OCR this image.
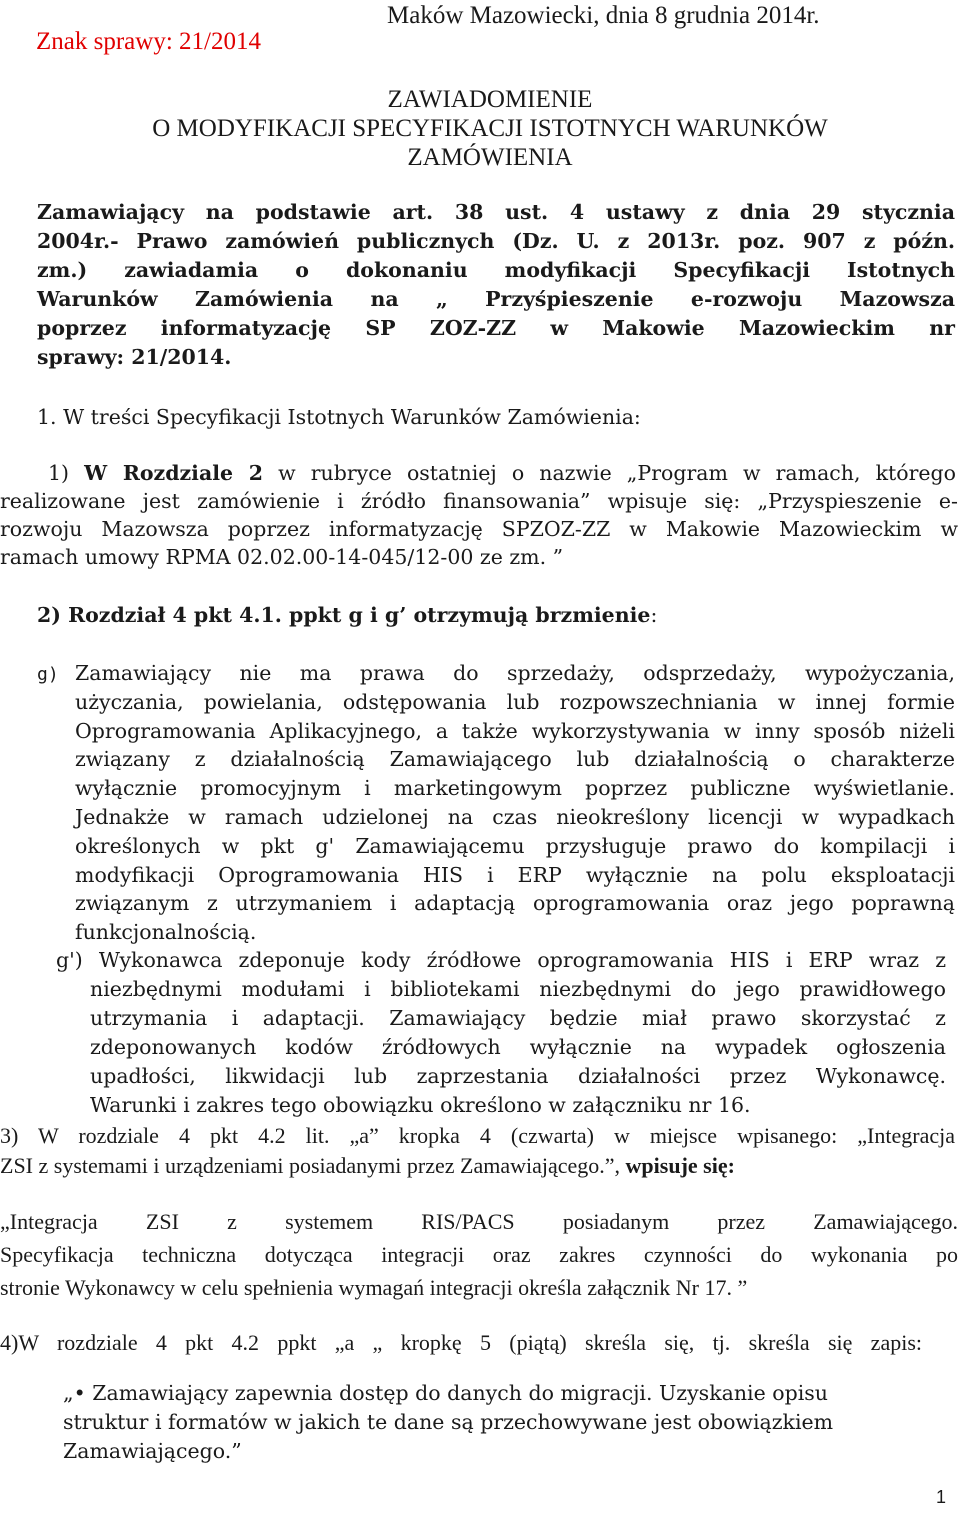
Znak sprawy: 21/2014
Maków Mazowiecki, dnia 8 grudnia 2014r.
ZAWIADOMIENIE
O MODYFIKACJI SPECYFIKACJI ISTOTNYCH WARUNKÓW
ZAMÓWIENIA
Zamawiający na podstawie art. 38 ust. 4 ustawy z dnia 29 stycznia
2004r.- Prawo zamówień publicznych (Dz. U. z 2013r. poz. 907 z późn.
zm.) zawiadamia o dokonaniu modyfikacji Specyfikacji Istotnych
Warunków Zamówienia na „ Przyśpieszenie e-rozwoju Mazowsza
poprzez informatyzację SP ZOZ-ZZ w Makowie Mazowieckim nr
sprawy: 21/2014.
1. W treści Specyfikacji Istotnych Warunków Zamówienia:
1) W Rozdziale 2 w rubryce ostatniej o nazwie „Program w ramach, którego
realizowane jest zamówienie i źródło finansowania” wpisuje się: „Przyspieszenie e-
rozwoju Mazowsza poprzez informatyzację SPZOZ-ZZ w Makowie Mazowieckim w
ramach umowy RPMA 02.02.00-14-045/12-00 ze zm. ”
2) Rozdział 4 pkt 4.1. ppkt g i g’ otrzymują brzmienie:
g) Zamawiający nie ma prawa do sprzedaży, odsprzedaży, wypożyczania,
użyczania, powielania, odstępowania lub rozpowszechniania w innej formie
Oprogramowania Aplikacyjnego, a także wykorzystywania w inny sposób niżeli
związany z działalnością Zamawiającego lub działalnością o charakterze
wyłącznie promocyjnym i marketingowym poprzez publiczne wyświetlanie.
Jednakże w ramach udzielonej na czas nieokreślony licencji w wypadkach
określonych w pkt g' Zamawiającemu przysługuje prawo do kompilacji i
modyfikacji Oprogramowania HIS i ERP wyłącznie na polu eksploatacji
związanym z utrzymaniem i adaptacją oprogramowania oraz jego poprawną
funkcjonalnością.
g') Wykonawca zdeponuje kody źródłowe oprogramowania HIS i ERP wraz z
niezbędnymi modułami i bibliotekami niezbędnymi do jego prawidłowego
utrzymania i adaptacji. Zamawiający będzie miał prawo skorzystać z
zdeponowanych kodów źródłowych wyłącznie na wypadek ogłoszenia
upadłości, likwidacji lub zaprzestania działalności przez Wykonawcę.
Warunki i zakres tego obowiązku określono w załączniku nr 16.
3) W rozdziale 4 pkt 4.2 lit. „a” kropka 4 (czwarta) w miejsce wpisanego: „Integracja
ZSI z systemami i urządzeniami posiadanymi przez Zamawiającego.”, wpisuje się:
„Integracja ZSI z systemem RIS/PACS posiadanym przez Zamawiającego.
Specyfikacja techniczna dotycząca integracji oraz zakres czynności do wykonania po
stronie Wykonawcy w celu spełnienia wymagań integracji określa załącznik Nr 17. ”
4)W rozdziale 4 pkt 4.2 ppkt „a „ kropkę 5 (piątą) skreśla się, tj. skreśla się zapis:
„• Zamawiający zapewnia dostęp do danych do migracji. Uzyskanie opisu
struktur i formatów w jakich te dane są przechowywane jest obowiązkiem
Zamawiającego.”
1
